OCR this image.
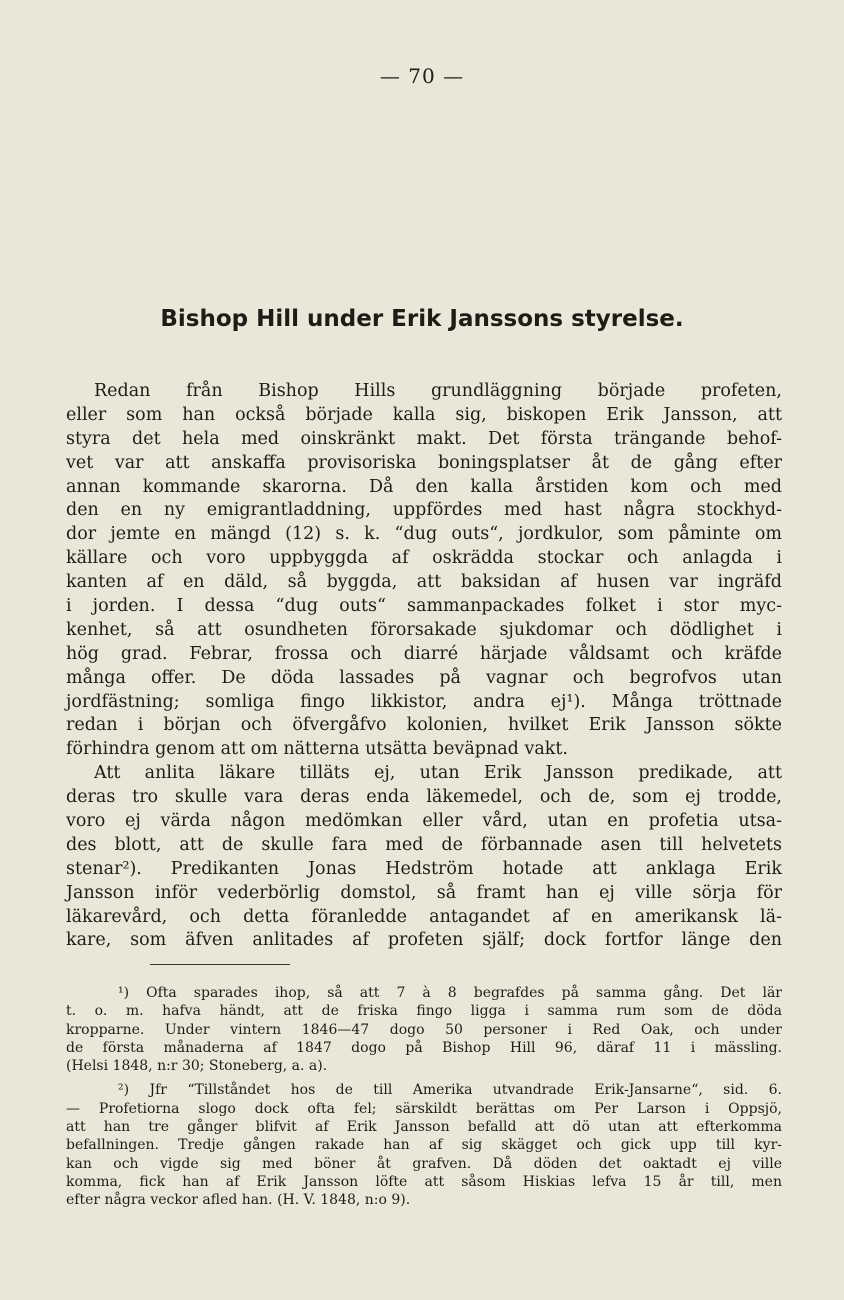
— 70 —
Bishop Hill under Erik Janssons styrelse.
Redan från Bishop Hills grundläggning började profeten,
eller som han också började kalla sig, biskopen Erik Jansson, att
styra det hela med oinskränkt makt. Det första trängande behof-
vet var att anskaffa provisoriska boningsplatser åt de gång efter
annan kommande skarorna. Då den kalla årstiden kom och med
den en ny emigrantladdning, uppfördes med hast några stockhyd-
dor jemte en mängd (12) s. k. “dug outs“, jordkulor, som påminte om
källare och voro uppbyggda af oskrädda stockar och anlagda i
kanten af en däld, så byggda, att baksidan af husen var ingräfd
i jorden. I dessa “dug outs“ sammanpackades folket i stor myc-
kenhet, så att osundheten förorsakade sjukdomar och dödlighet i
hög grad. Febrar, frossa och diarré härjade våldsamt och kräfde
många offer. De döda lassades på vagnar och begrofvos utan
jordfästning; somliga fingo likkistor, andra ej¹). Många tröttnade
redan i början och öfvergåfvo kolonien, hvilket Erik Jansson sökte
förhindra genom att om nätterna utsätta beväpnad vakt.
Att anlita läkare tilläts ej, utan Erik Jansson predikade, att
deras tro skulle vara deras enda läkemedel, och de, som ej trodde,
voro ej värda någon medömkan eller vård, utan en profetia utsa-
des blott, att de skulle fara med de förbannade asen till helvetets
stenar²). Predikanten Jonas Hedström hotade att anklaga Erik
Jansson inför vederbörlig domstol, så framt han ej ville sörja för
läkarevård, och detta föranledde antagandet af en amerikansk lä-
kare, som äfven anlitades af profeten själf; dock fortfor länge den
¹) Ofta sparades ihop, så att 7 à 8 begrafdes på samma gång. Det lär
t. o. m. hafva händt, att de friska fingo ligga i samma rum som de döda
kropparne. Under vintern 1846—47 dogo 50 personer i Red Oak, och under
de första månaderna af 1847 dogo på Bishop Hill 96, däraf 11 i mässling.
(Helsi 1848, n:r 30; Stoneberg, a. a).
²) Jfr “Tillståndet hos de till Amerika utvandrade Erik-Jansarne“, sid. 6.
— Profetiorna slogo dock ofta fel; särskildt berättas om Per Larson i Oppsjö,
att han tre gånger blifvit af Erik Jansson befalld att dö utan att efterkomma
befallningen. Tredje gången rakade han af sig skägget och gick upp till kyr-
kan och vigde sig med böner åt grafven. Då döden det oaktadt ej ville
komma, fick han af Erik Jansson löfte att såsom Hiskias lefva 15 år till, men
efter några veckor afled han. (H. V. 1848, n:o 9).
